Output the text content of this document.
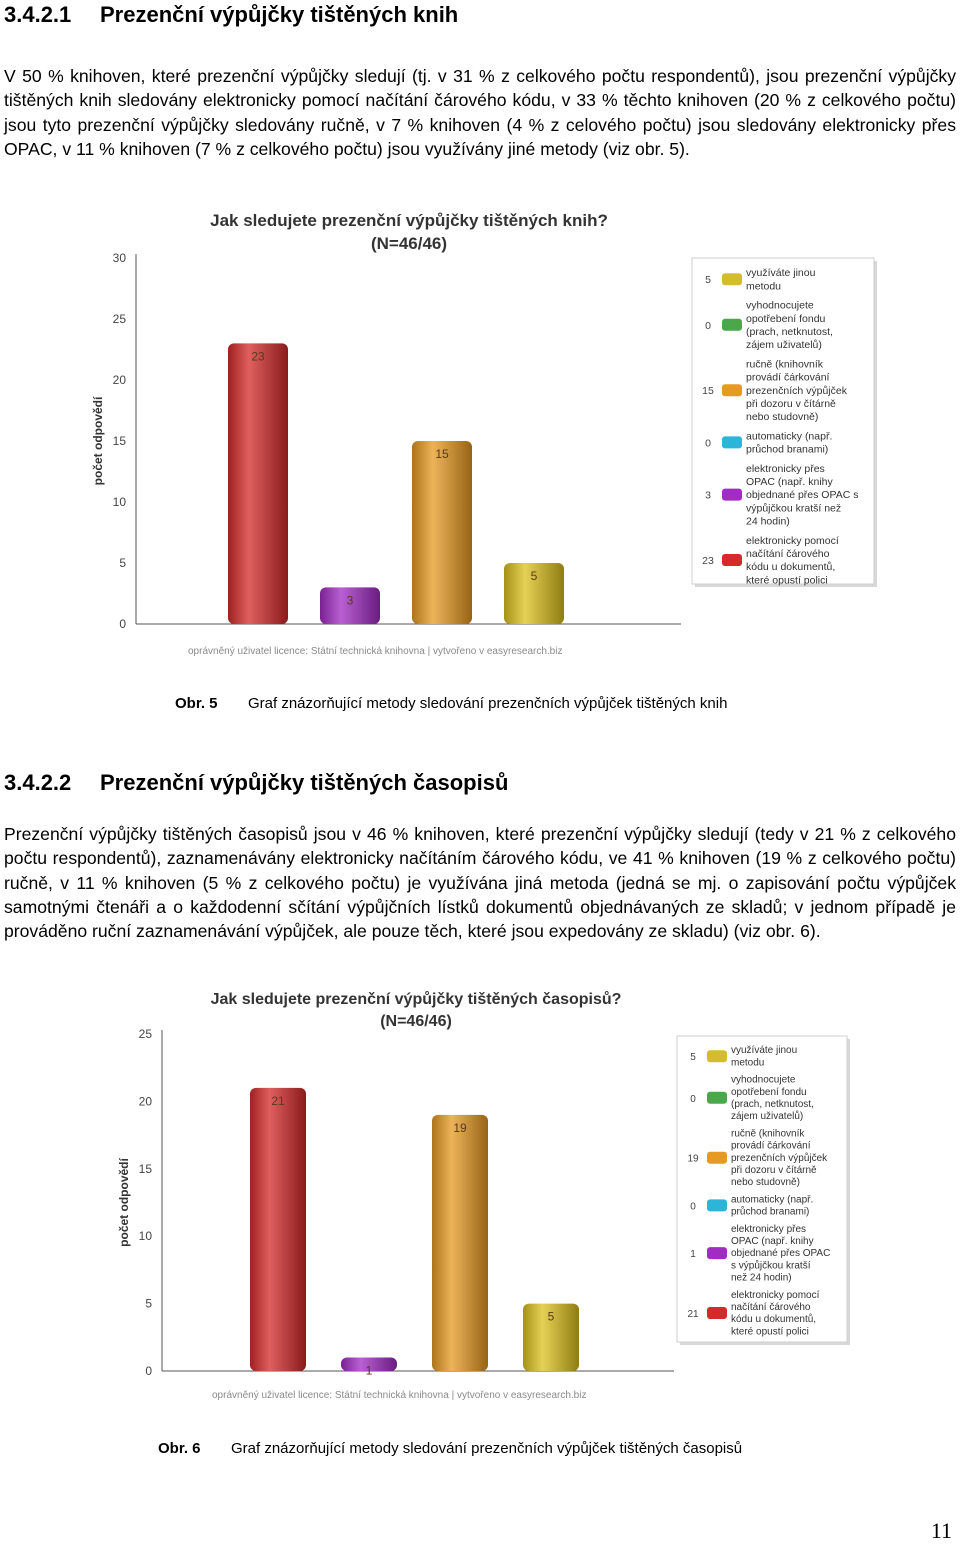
3.4.2.1 Prezenční výpůjčky tištěných knih

V 50 % knihoven, které prezenční výpůjčky sledují (tj. v 31 % z celkového počtu respondentů), jsou prezenční výpůjčky tištěných knih sledovány elektronicky pomocí načítání čárového kódu, v 33 % těchto knihoven (20 % z celkového počtu) jsou tyto prezenční výpůjčky sledovány ručně, v 7 % knihoven (4 % z celového počtu) jsou sledovány elektronicky přes OPAC, v 11 % knihoven (7 % z celkového počtu) jsou využívány jiné metody (viz obr. 5).

Jak sledujete prezenční výpůjčky tištěných knih?
(N=46/46)
0
5
10
15
20
25
30
počet odpovědí
23
3
15
5
5
využíváte jinou
metodu
0
vyhodnocujete
opotřebení fondu
(prach, netknutost,
zájem uživatelů)
15
ručně (knihovník
provádí čárkování
prezenčních výpůjček
při dozoru v čítárně
nebo studovně)
0
automaticky (např.
průchod branami)
3
elektronicky přes
OPAC (např. knihy
objednané přes OPAC s
výpůjčkou kratší než
24 hodin)
23
elektronicky pomocí
načítání čárového
kódu u dokumentů,
které opustí polici
oprávněný uživatel licence: Státní technická knihovna | vytvořeno v easyresearch.biz
Obr. 5 Graf znázorňující metody sledování prezenčních výpůjček tištěných knih
3.4.2.2 Prezenční výpůjčky tištěných časopisů

Prezenční výpůjčky tištěných časopisů jsou v 46 % knihoven, které prezenční výpůjčky sledují (tedy v 21 % z celkového počtu respondentů), zaznamenávány elektronicky načítáním čárového kódu, ve 41 % knihoven (19 % z celkového počtu) ručně, v 11 % knihoven (5 % z celkového počtu) je využívána jiná metoda (jedná se mj. o zapisování počtu výpůjček samotnými čtenáři a o každodenní sčítání výpůjčních lístků dokumentů objednávaných ze skladů; v jednom případě je prováděno ruční zaznamenávání výpůjček, ale pouze těch, které jsou expedovány ze skladu) (viz obr. 6).

Jak sledujete prezenční výpůjčky tištěných časopisů?
(N=46/46)
0
5
10
15
20
25
počet odpovědí
21
1
19
5
5
využíváte jinou
metodu
0
vyhodnocujete
opotřebení fondu
(prach, netknutost,
zájem uživatelů)
19
ručně (knihovník
provádí čárkování
prezenčních výpůjček
při dozoru v čítárně
nebo studovně)
0
automaticky (např.
průchod branami)
1
elektronicky přes
OPAC (např. knihy
objednané přes OPAC
s výpůjčkou kratší
než 24 hodin)
21
elektronicky pomocí
načítání čárového
kódu u dokumentů,
které opustí polici
oprávněný uživatel licence: Státní technická knihovna | vytvořeno v easyresearch.biz
Obr. 6 Graf znázorňující metody sledování prezenčních výpůjček tištěných časopisů
11
